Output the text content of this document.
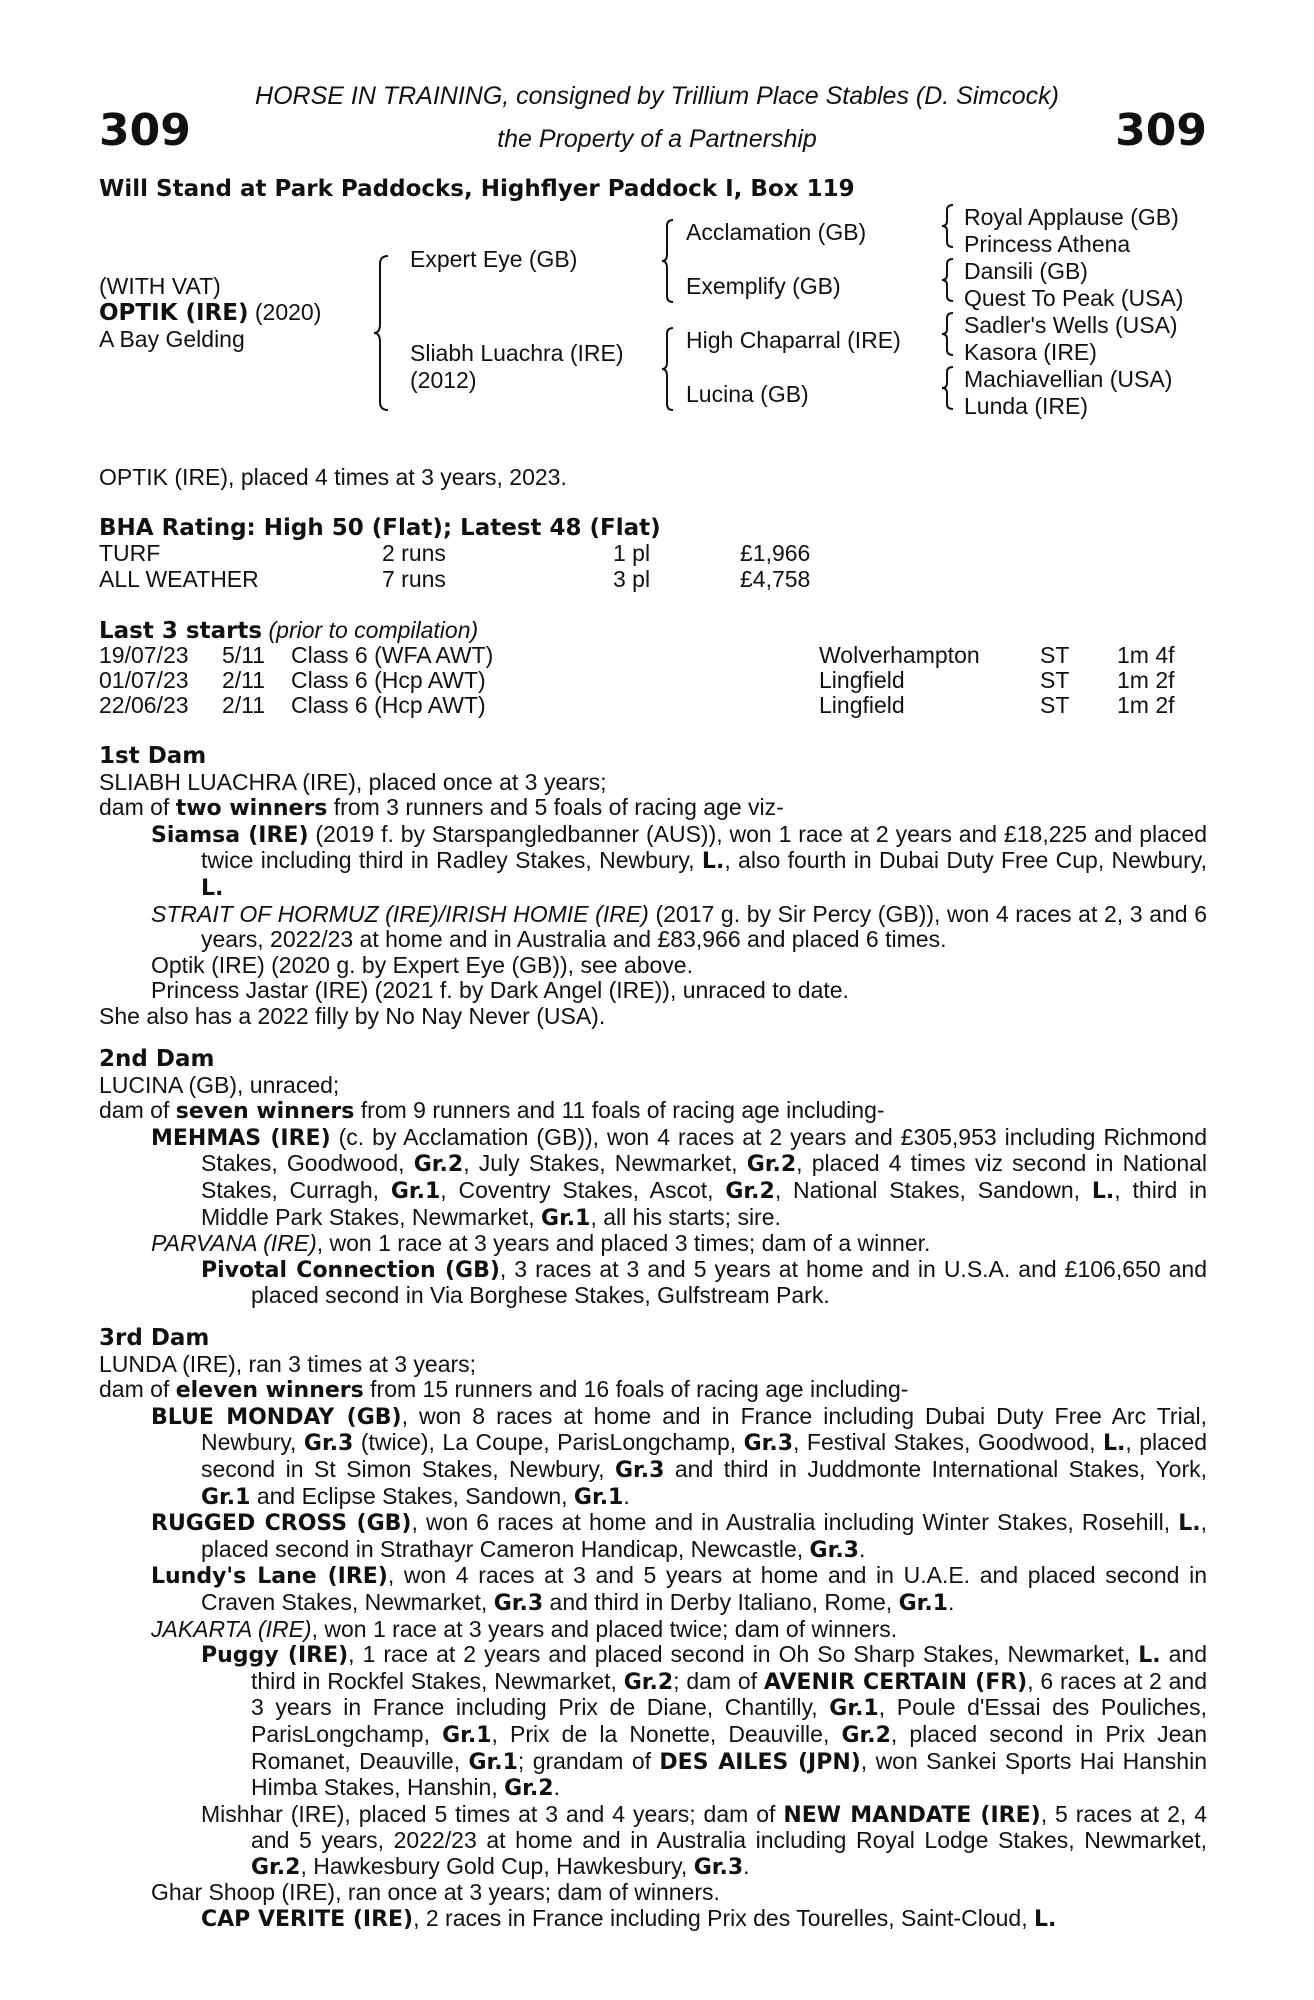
HORSE IN TRAINING, consigned by Trillium Place Stables (D. Simcock)
the Property of a Partnership
309	309
Will Stand at Park Paddocks, Highflyer Paddock I, Box 119
(WITH VAT)
OPTIK (IRE) (2020)
A Bay Gelding
Expert Eye (GB)
Sliabh Luachra (IRE)
(2012)
Acclamation (GB)
Exemplify (GB)
High Chaparral (IRE)
Lucina (GB)
Royal Applause (GB)
Princess Athena
Dansili (GB)
Quest To Peak (USA)
Sadler's Wells (USA)
Kasora (IRE)
Machiavellian (USA)
Lunda (IRE)
OPTIK (IRE), placed 4 times at 3 years, 2023.
BHA Rating: High 50 (Flat); Latest 48 (Flat)
TURF	2 runs	1 pl	£1,966
ALL WEATHER	7 runs	3 pl	£4,758
Last 3 starts (prior to compilation)
19/07/23 5/11 Class 6 (WFA AWT)	Wolverhampton	ST 1m 4f
01/07/23 2/11 Class 6 (Hcp AWT)	Lingfield	ST 1m 2f
22/06/23 2/11 Class 6 (Hcp AWT)	Lingfield	ST 1m 2f

1st Dam

SLIABH LUACHRA (IRE), placed once at 3 years;

dam of two winners from 3 runners and 5 foals of racing age viz-

Siamsa (IRE) (2019 f. by Starspangledbanner (AUS)), won 1 race at 2 years and £18,225 and placed twice including third in Radley Stakes, Newbury, L., also fourth in Dubai Duty Free Cup, Newbury, L.

STRAIT OF HORMUZ (IRE)/IRISH HOMIE (IRE) (2017 g. by Sir Percy (GB)), won 4 races at 2, 3 and 6 years, 2022/23 at home and in Australia and £83,966 and placed 6 times.

Optik (IRE) (2020 g. by Expert Eye (GB)), see above.

Princess Jastar (IRE) (2021 f. by Dark Angel (IRE)), unraced to date.

She also has a 2022 filly by No Nay Never (USA).

2nd Dam

LUCINA (GB), unraced;

dam of seven winners from 9 runners and 11 foals of racing age including-

MEHMAS (IRE) (c. by Acclamation (GB)), won 4 races at 2 years and £305,953 including Richmond Stakes, Goodwood, Gr.2, July Stakes, Newmarket, Gr.2, placed 4 times viz second in National Stakes, Curragh, Gr.1, Coventry Stakes, Ascot, Gr.2, National Stakes, Sandown, L., third in Middle Park Stakes, Newmarket, Gr.1, all his starts; sire.

PARVANA (IRE), won 1 race at 3 years and placed 3 times; dam of a winner.

Pivotal Connection (GB), 3 races at 3 and 5 years at home and in U.S.A. and £106,650 and placed second in Via Borghese Stakes, Gulfstream Park.

3rd Dam

LUNDA (IRE), ran 3 times at 3 years;

dam of eleven winners from 15 runners and 16 foals of racing age including-

BLUE MONDAY (GB), won 8 races at home and in France including Dubai Duty Free Arc Trial, Newbury, Gr.3 (twice), La Coupe, ParisLongchamp, Gr.3, Festival Stakes, Goodwood, L., placed second in St Simon Stakes, Newbury, Gr.3 and third in Juddmonte International Stakes, York, Gr.1 and Eclipse Stakes, Sandown, Gr.1.

RUGGED CROSS (GB), won 6 races at home and in Australia including Winter Stakes, Rosehill, L., placed second in Strathayr Cameron Handicap, Newcastle, Gr.3.

Lundy's Lane (IRE), won 4 races at 3 and 5 years at home and in U.A.E. and placed second in Craven Stakes, Newmarket, Gr.3 and third in Derby Italiano, Rome, Gr.1.

JAKARTA (IRE), won 1 race at 3 years and placed twice; dam of winners.

Puggy (IRE), 1 race at 2 years and placed second in Oh So Sharp Stakes, Newmarket, L. and third in Rockfel Stakes, Newmarket, Gr.2; dam of AVENIR CERTAIN (FR), 6 races at 2 and 3 years in France including Prix de Diane, Chantilly, Gr.1, Poule d'Essai des Pouliches, ParisLongchamp, Gr.1, Prix de la Nonette, Deauville, Gr.2, placed second in Prix Jean Romanet, Deauville, Gr.1; grandam of DES AILES (JPN), won Sankei Sports Hai Hanshin Himba Stakes, Hanshin, Gr.2.

Mishhar (IRE), placed 5 times at 3 and 4 years; dam of NEW MANDATE (IRE), 5 races at 2, 4 and 5 years, 2022/23 at home and in Australia including Royal Lodge Stakes, Newmarket, Gr.2, Hawkesbury Gold Cup, Hawkesbury, Gr.3.

Ghar Shoop (IRE), ran once at 3 years; dam of winners.

CAP VERITE (IRE), 2 races in France including Prix des Tourelles, Saint-Cloud, L.
